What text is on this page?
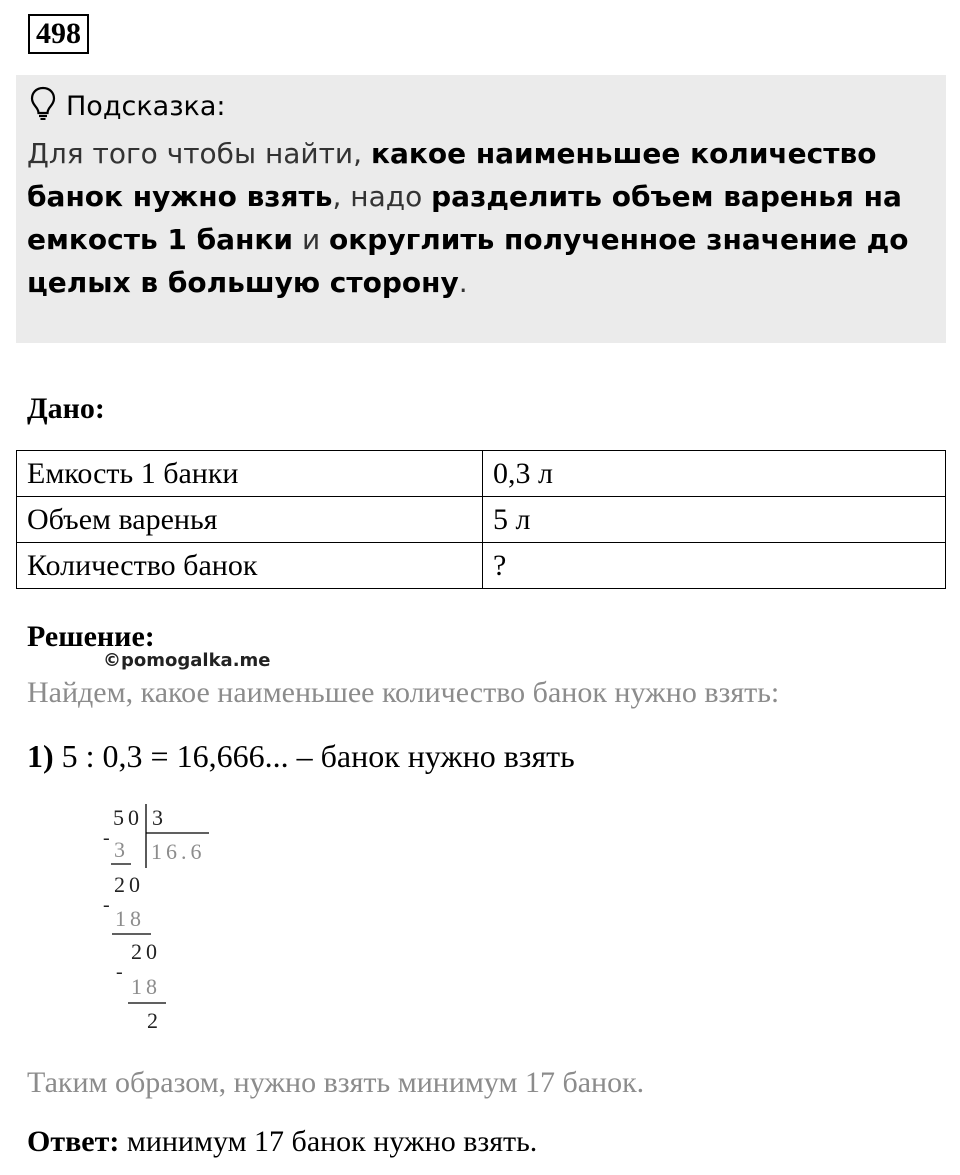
498
Подсказка:
Для того чтобы найти, какое наименьшее количество банок нужно взять, надо разделить объем варенья на емкость 1 банки и округлить полученное значение до целых в большую сторону.
Дано:
Емкость 1 банки	0,3 л
Объем варенья	5 л
Количество банок	?
Решение:
©pomogalka.me
Найдем, какое наименьшее количество банок нужно взять:
1) 5 : 0,3 = 16,666... – банок нужно взять
50 3
16.6
- 3
20
-
18
20
-
18
2
Таким образом, нужно взять минимум 17 банок.
Ответ: минимум 17 банок нужно взять.
